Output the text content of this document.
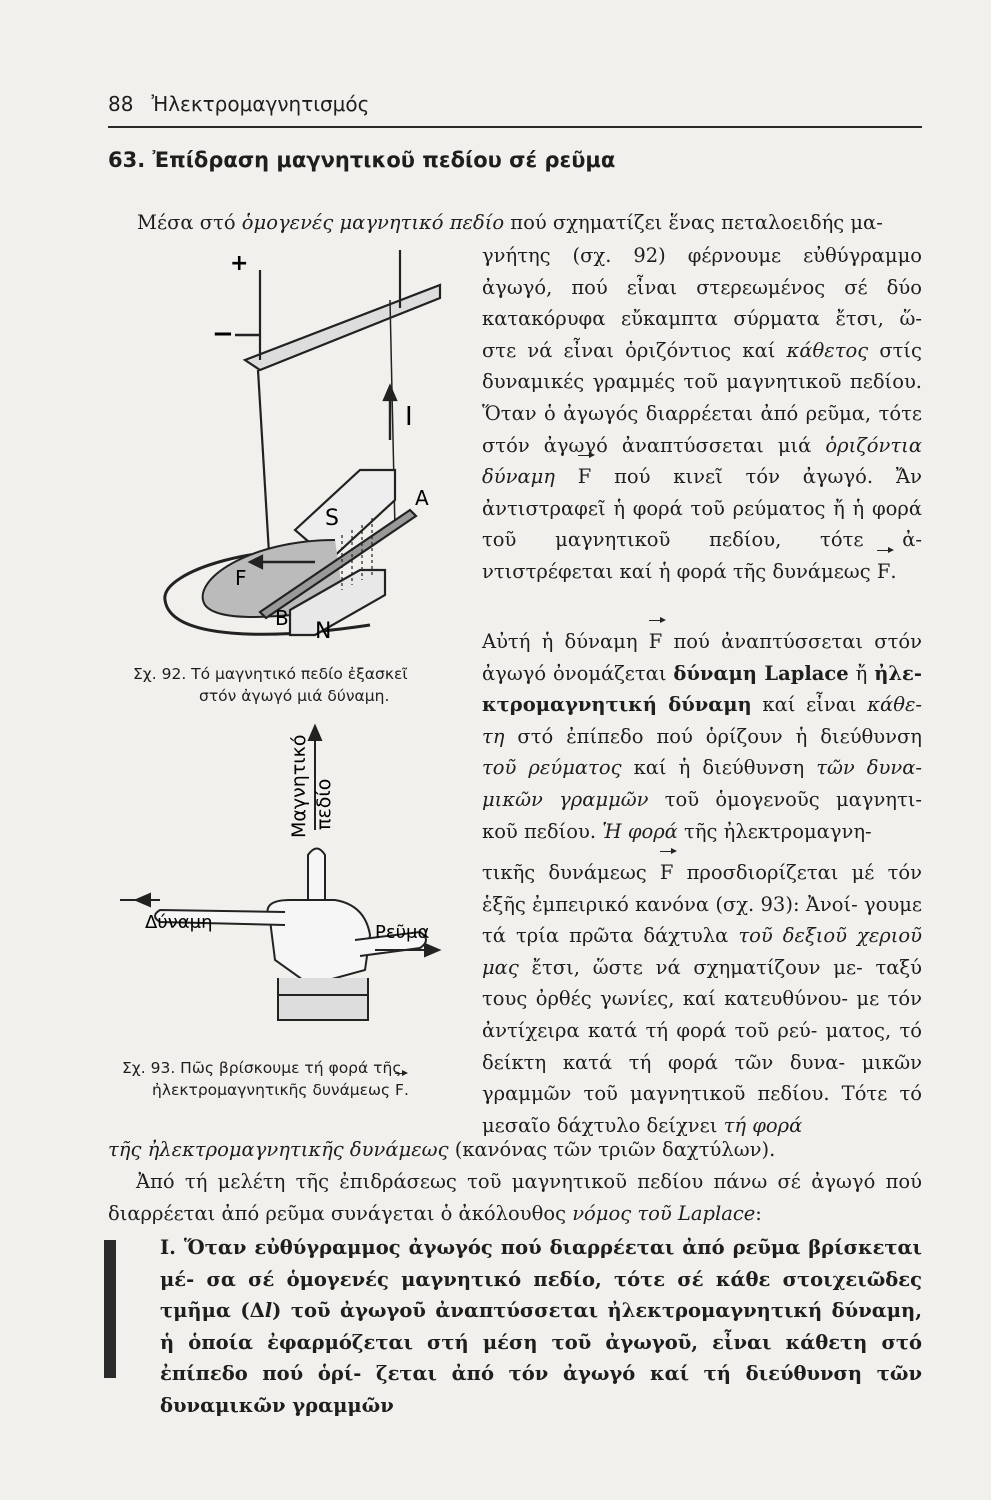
88 Ἠλεκτρομαγνητισμός
63. Ἐπίδραση μαγνητικοῦ πεδίου σέ ρεῦμα
Μέσα στό ὁμογενές μαγνητικό πεδίο πού σχηματίζει ἕνας πεταλοειδής μα-
+
−
I
A
S
F
B
N
Σχ. 92. Τό μαγνητικό πεδίο ἐξασκεῖ
στόν ἀγωγό μιά δύναμη.
Μαγνητικό πεδίο
Δύναμη	Ρεῦμα
Σχ. 93. Πῶς βρίσκουμε τή φορά τῆς
ἠλεκτρομαγνητικῆς δυνάμεως F.
γνήτης (σχ. 92) φέρνουμε εὐθύγραμμο ἀγωγό, πού εἶναι στερεωμένος σέ δύο κατακόρυφα εὔκαμπτα σύρματα ἔτσι, ὥ- στε νά εἶναι ὁριζόντιος καί κάθετος στίς δυναμικές γραμμές τοῦ μαγνητικοῦ πεδίου. Ὅταν ὁ ἀγωγός διαρρέεται ἀπό ρεῦμα, τότε στόν ἀγωγό ἀναπτύσσεται μιά ὁριζόντια δύναμη F πού κινεῖ τόν ἀγωγό. Ἄν ἀντιστραφεῖ ἡ φορά τοῦ ρεύματος ἤ ἡ φορά τοῦ μαγνητικοῦ πεδίου, τότε ἀ- ντιστρέφεται καί ἡ φορά τῆς δυνάμεως F.
Αὐτή ἡ δύναμη F πού ἀναπτύσσεται στόν ἀγωγό ὀνομάζεται δύναμη Laplace ἤ ἠλε- κτρομαγνητική δύναμη καί εἶναι κάθε- τη στό ἐπίπεδο πού ὁρίζουν ἡ διεύθυνση τοῦ ρεύματος καί ἡ διεύθυνση τῶν δυνα- μικῶν γραμμῶν τοῦ ὁμογενοῦς μαγνητι- κοῦ πεδίου. Ἡ φορά τῆς ἠλεκτρομαγνη-
τικῆς δυνάμεως F προσδιορίζεται μέ τόν ἑξῆς ἐμπειρικό κανόνα (σχ. 93): Ἀνοί- γουμε τά τρία πρῶτα δάχτυλα τοῦ δεξιοῦ χεριοῦ μας ἔτσι, ὥστε νά σχηματίζουν με- ταξύ τους ὀρθές γωνίες, καί κατευθύνου- με τόν ἀντίχειρα κατά τή φορά τοῦ ρεύ- ματος, τό δείκτη κατά τή φορά τῶν δυνα- μικῶν γραμμῶν τοῦ μαγνητικοῦ πεδίου. Τότε τό μεσαῖο δάχτυλο δείχνει τή φορά
τῆς ἠλεκτρομαγνητικῆς δυνάμεως (κανόνας τῶν τριῶν δαχτύλων).
Ἀπό τή μελέτη τῆς ἐπιδράσεως τοῦ μαγνητικοῦ πεδίου πάνω σέ ἀγωγό πού διαρρέεται ἀπό ρεῦμα συνάγεται ὁ ἀκόλουθος νόμος τοῦ Laplace:
I. Ὅταν εὐθύγραμμος ἀγωγός πού διαρρέεται ἀπό ρεῦμα βρίσκεται μέ- σα σέ ὁμογενές μαγνητικό πεδίο, τότε σέ κάθε στοιχειῶδες τμῆμα (Δl) τοῦ ἀγωγοῦ ἀναπτύσσεται ἠλεκτρομαγνητική δύναμη, ἡ ὁποία ἐφαρμόζεται στή μέση τοῦ ἀγωγοῦ, εἶναι κάθετη στό ἐπίπεδο πού ὁρί- ζεται ἀπό τόν ἀγωγό καί τή διεύθυνση τῶν δυναμικῶν γραμμῶν
